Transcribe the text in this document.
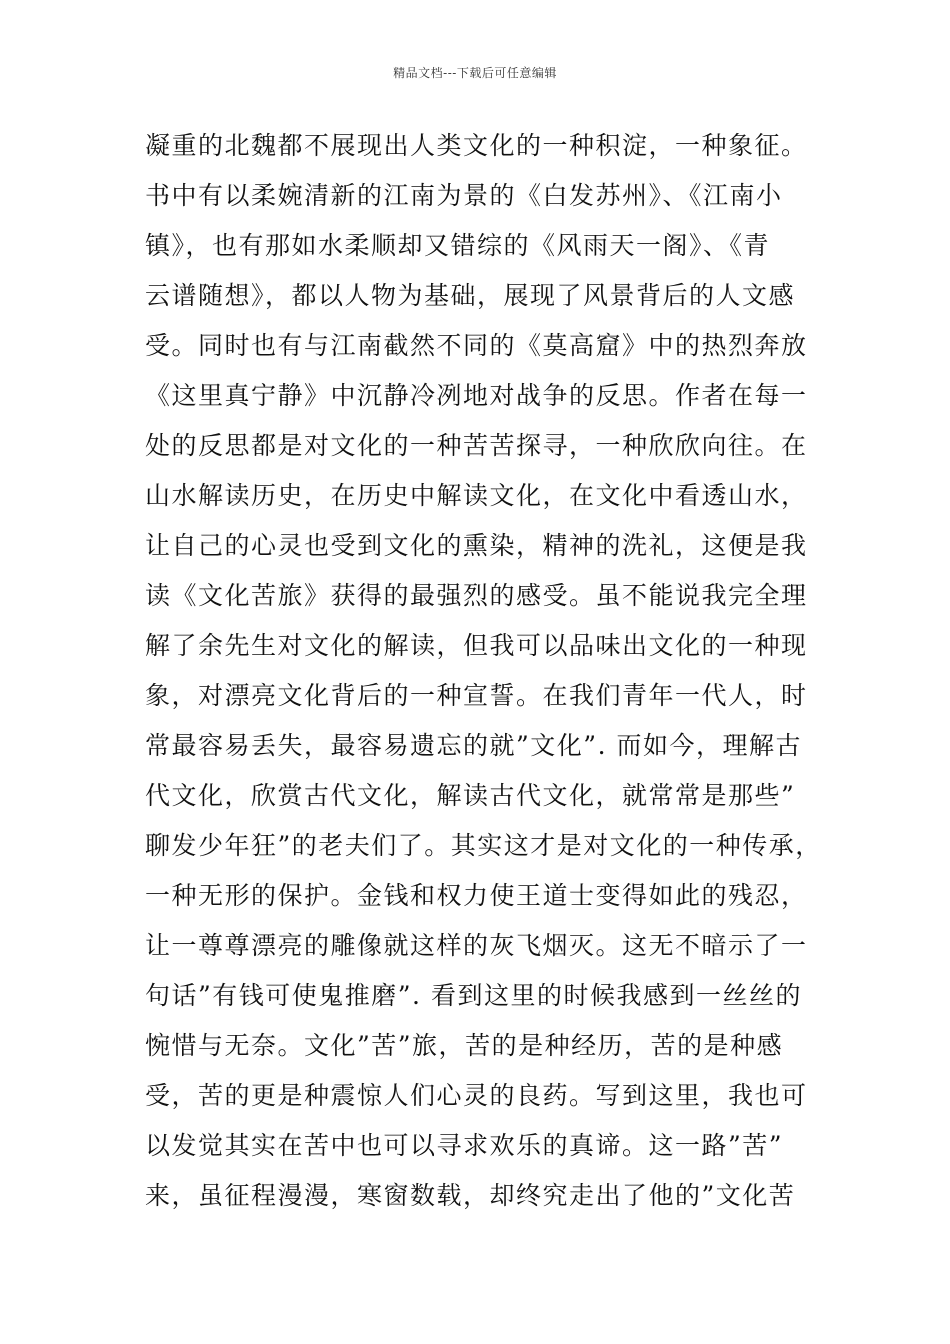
精品文档---下载后可任意编辑
凝重的北魏都不展现出人类文化的一种积淀，一种象征。
书中有以柔婉清新的江南为景的《白发苏州》、《江南小
镇》，也有那如水柔顺却又错综的《风雨天一阁》、《青
云谱随想》，都以人物为基础，展现了风景背后的人文感
受。同时也有与江南截然不同的《莫高窟》中的热烈奔放
《这里真宁静》中沉静冷冽地对战争的反思。作者在每一
处的反思都是对文化的一种苦苦探寻，一种欣欣向往。在
山水解读历史，在历史中解读文化，在文化中看透山水，
让自己的心灵也受到文化的熏染，精神的洗礼，这便是我
读《文化苦旅》获得的最强烈的感受。虽不能说我完全理
解了余先生对文化的解读，但我可以品味出文化的一种现
象，对漂亮文化背后的一种宣誓。在我们青年一代人，时
常最容易丢失，最容易遗忘的就”文化”. 而如今，理解古
代文化，欣赏古代文化，解读古代文化，就常常是那些”
聊发少年狂”的老夫们了。其实这才是对文化的一种传承，
一种无形的保护。金钱和权力使王道士变得如此的残忍，
让一尊尊漂亮的雕像就这样的灰飞烟灭。这无不暗示了一
句话”有钱可使鬼推磨”. 看到这里的时候我感到一丝丝的
惋惜与无奈。文化”苦”旅，苦的是种经历，苦的是种感
受，苦的更是种震惊人们心灵的良药。写到这里，我也可
以发觉其实在苦中也可以寻求欢乐的真谛。这一路”苦”
来，虽征程漫漫，寒窗数载，却终究走出了他的”文化苦
